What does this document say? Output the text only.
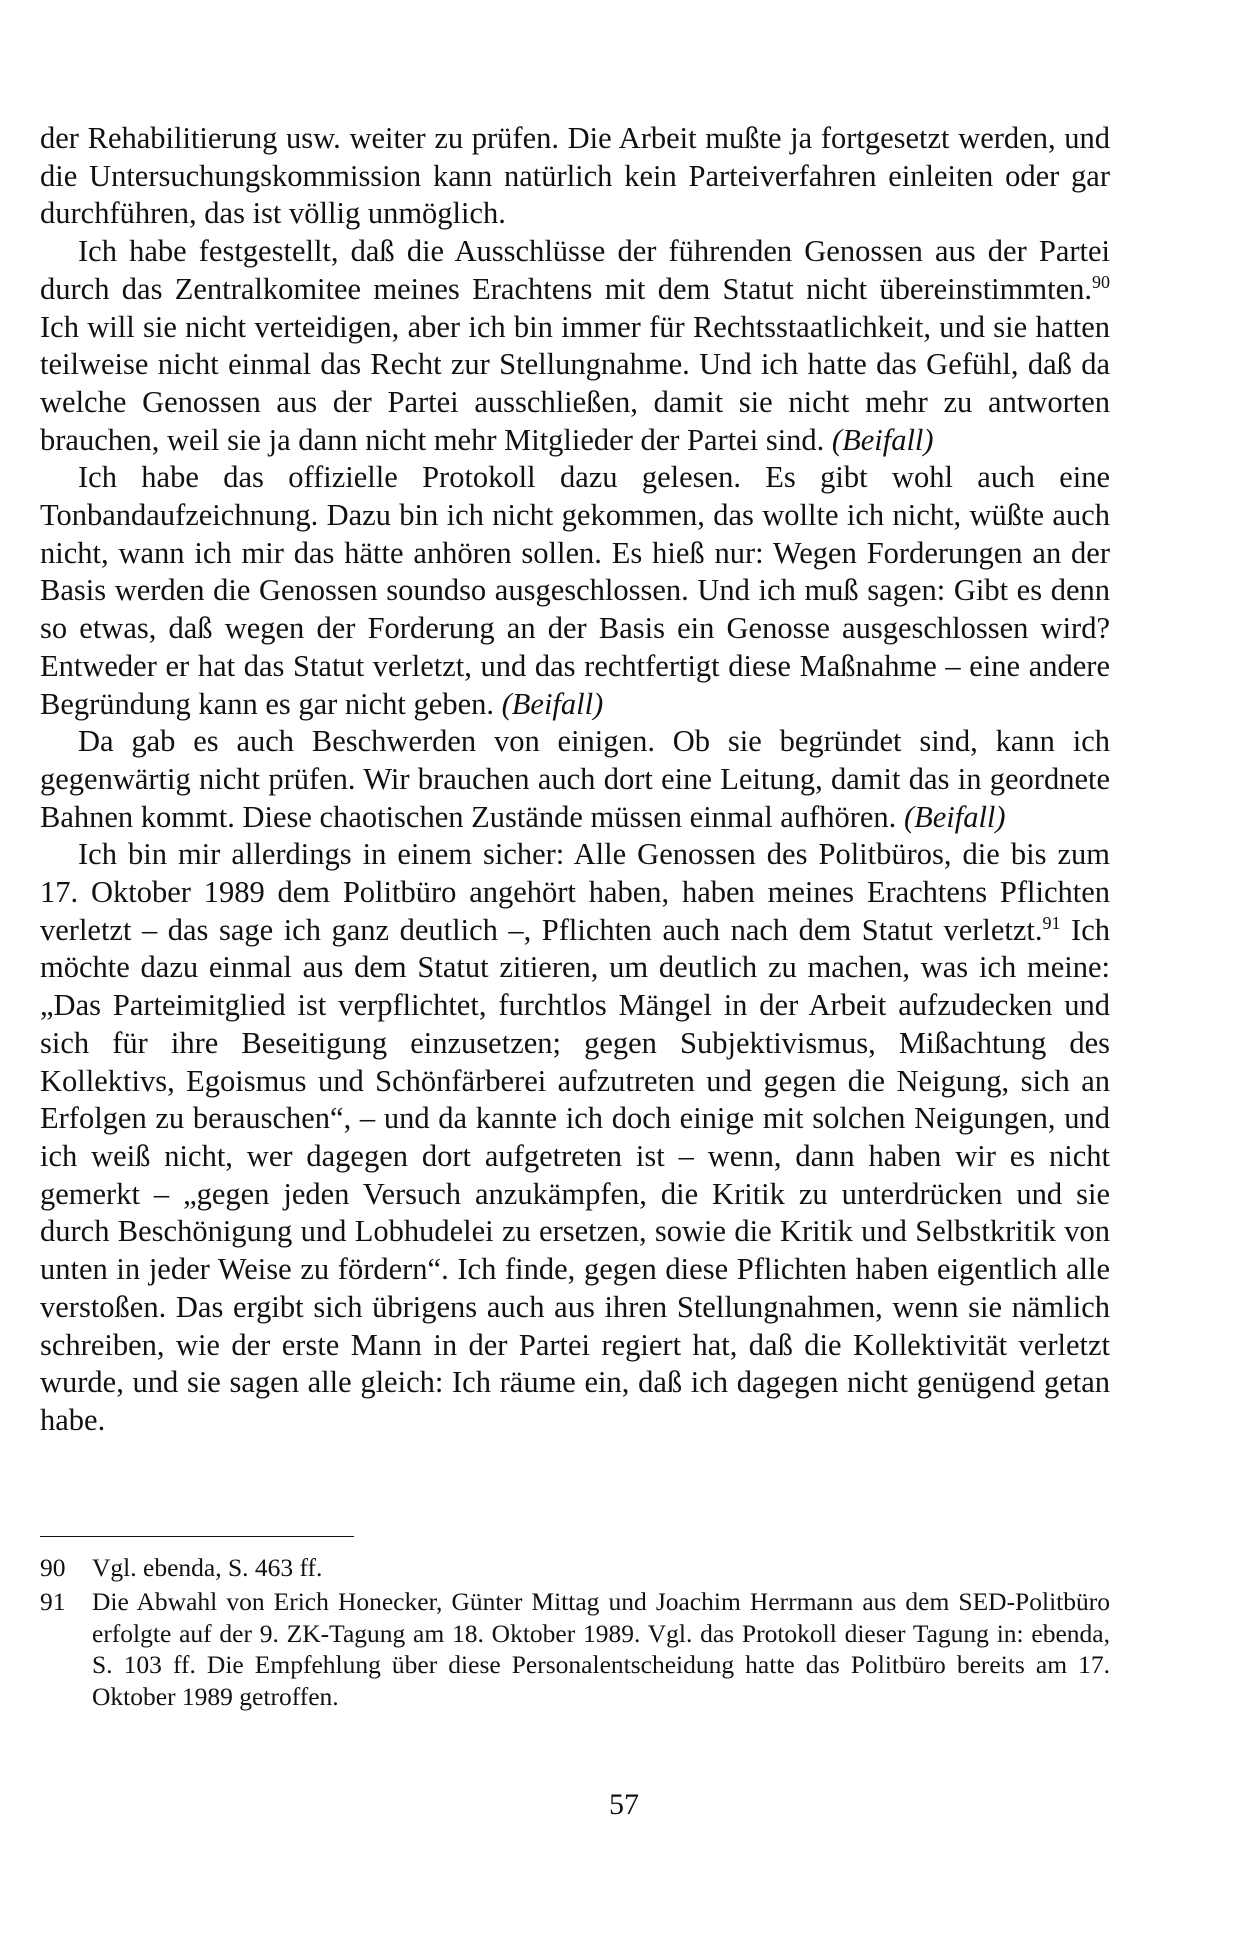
der Rehabilitierung usw. weiter zu prüfen. Die Arbeit mußte ja fortgesetzt werden, und die Untersuchungskommission kann natürlich kein Parteiverfahren einleiten oder gar durchführen, das ist völlig unmöglich.

Ich habe festgestellt, daß die Ausschlüsse der führenden Genossen aus der Partei durch das Zentralkomitee meines Erachtens mit dem Statut nicht übereinstimmten.$^{90}$ Ich will sie nicht verteidigen, aber ich bin immer für Rechtsstaatlichkeit, und sie hatten teilweise nicht einmal das Recht zur Stellungnahme. Und ich hatte das Gefühl, daß da welche Genossen aus der Partei ausschließen, damit sie nicht mehr zu antworten brauchen, weil sie ja dann nicht mehr Mitglieder der Partei sind. (Beifall)

Ich habe das offizielle Protokoll dazu gelesen. Es gibt wohl auch eine Tonbandaufzeichnung. Dazu bin ich nicht gekommen, das wollte ich nicht, wüßte auch nicht, wann ich mir das hätte anhören sollen. Es hieß nur: Wegen Forderungen an der Basis werden die Genossen soundso ausgeschlossen. Und ich muß sagen: Gibt es denn so etwas, daß wegen der Forderung an der Basis ein Genosse ausgeschlossen wird? Entweder er hat das Statut verletzt, und das rechtfertigt diese Maßnahme – eine andere Begründung kann es gar nicht geben. (Beifall)

Da gab es auch Beschwerden von einigen. Ob sie begründet sind, kann ich gegenwärtig nicht prüfen. Wir brauchen auch dort eine Leitung, damit das in geordnete Bahnen kommt. Diese chaotischen Zustände müssen einmal aufhören. (Beifall)

Ich bin mir allerdings in einem sicher: Alle Genossen des Politbüros, die bis zum 17. Oktober 1989 dem Politbüro angehört haben, haben meines Erachtens Pflichten verletzt – das sage ich ganz deutlich –, Pflichten auch nach dem Statut verletzt.$^{91}$ Ich möchte dazu einmal aus dem Statut zitieren, um deutlich zu machen, was ich meine: „Das Parteimitglied ist verpflichtet, furchtlos Mängel in der Arbeit aufzudecken und sich für ihre Beseitigung einzusetzen; gegen Subjektivismus, Mißachtung des Kollektivs, Egoismus und Schönfärberei aufzutreten und gegen die Neigung, sich an Erfolgen zu berauschen“, – und da kannte ich doch einige mit solchen Neigungen, und ich weiß nicht, wer dagegen dort aufgetreten ist – wenn, dann haben wir es nicht gemerkt – „gegen jeden Versuch anzukämpfen, die Kritik zu unterdrücken und sie durch Beschönigung und Lobhudelei zu ersetzen, sowie die Kritik und Selbstkritik von unten in jeder Weise zu fördern“. Ich finde, gegen diese Pflichten haben eigentlich alle verstoßen. Das ergibt sich übrigens auch aus ihren Stellungnahmen, wenn sie nämlich schreiben, wie der erste Mann in der Partei regiert hat, daß die Kollektivität verletzt wurde, und sie sagen alle gleich: Ich räume ein, daß ich dagegen nicht genügend getan habe.

90	Vgl. ebenda, S. 463 ff.
91	Die Abwahl von Erich Honecker, Günter Mittag und Joachim Herrmann aus dem SED-Politbüro erfolgte auf der 9. ZK-Tagung am 18. Oktober 1989. Vgl. das Protokoll dieser Tagung in: ebenda, S. 103 ff. Die Empfehlung über diese Personalentscheidung hatte das Politbüro bereits am 17. Oktober 1989 getroffen.
57
